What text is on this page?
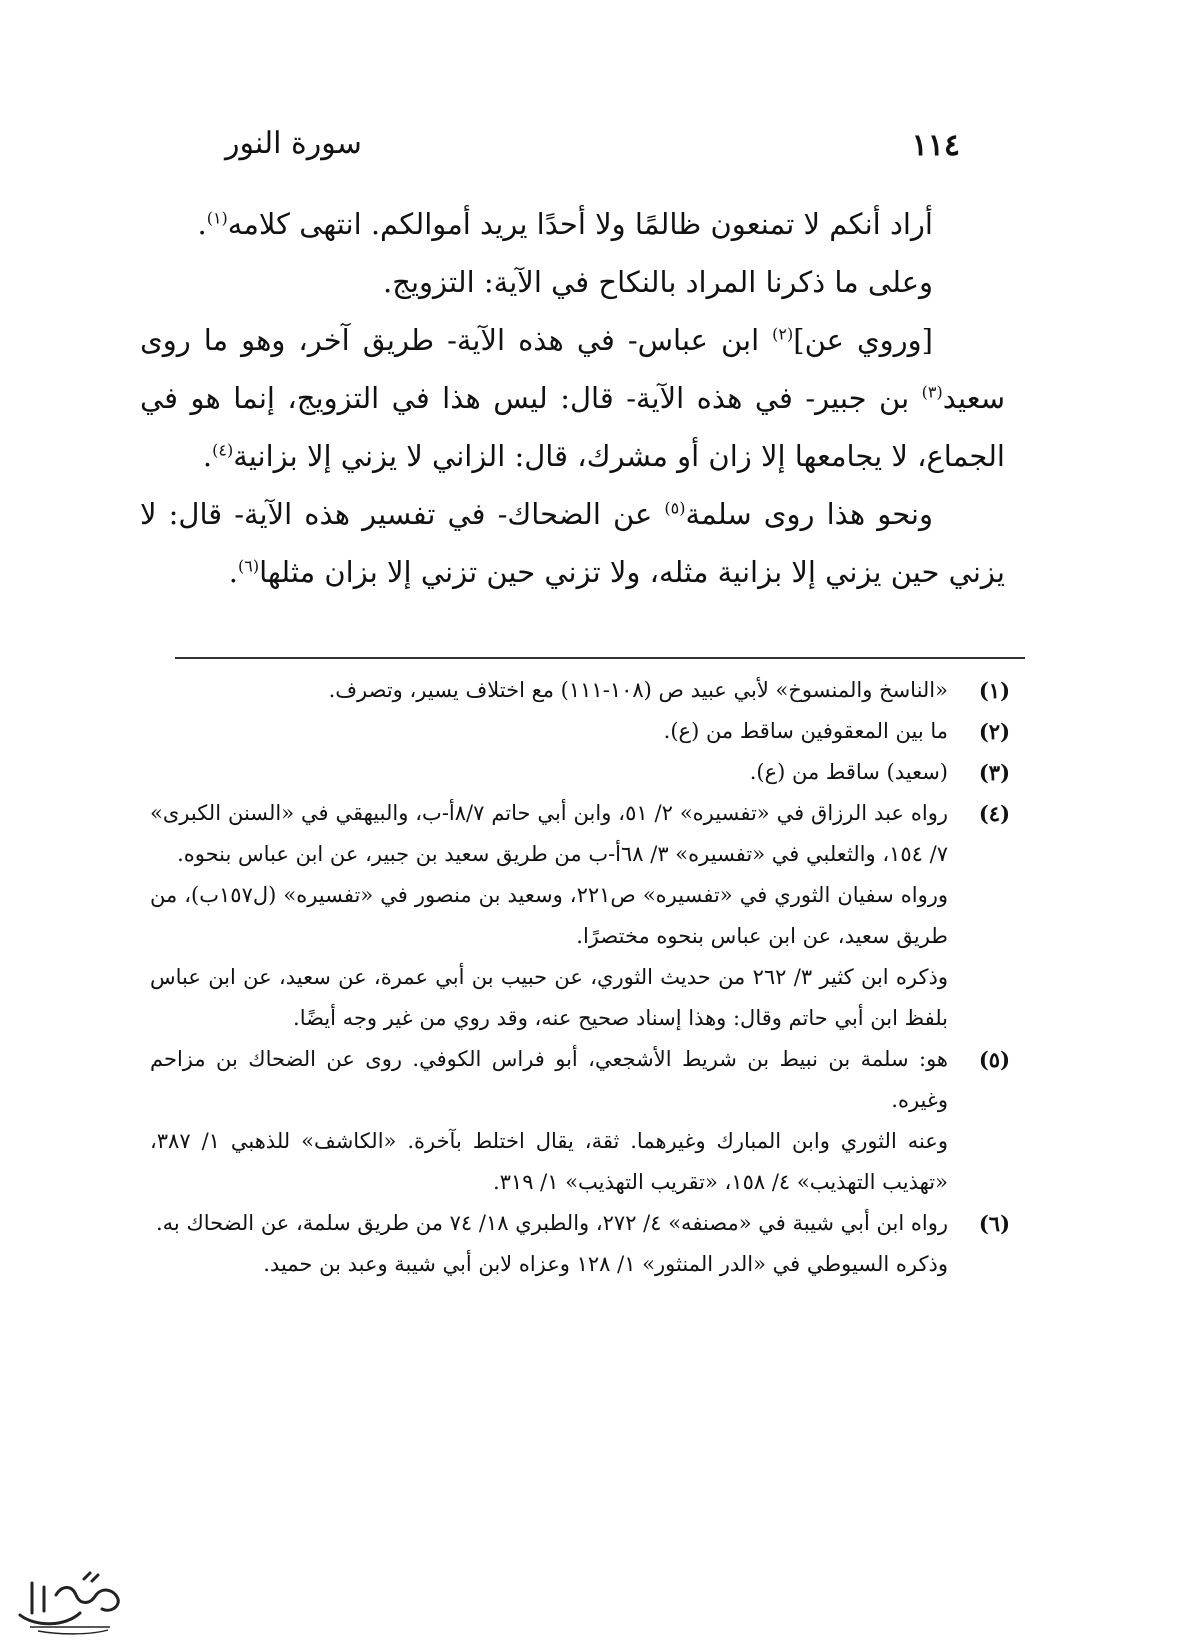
١١٤
سورة النور

أراد أنكم لا تمنعون ظالمًا ولا أحدًا يريد أموالكم. انتهى كلامه$^{(١)}$.

وعلى ما ذكرنا المراد بالنكاح في الآية: التزويج.

[وروي عن]$^{(٢)}$ ابن عباس- في هذه الآية- طريق آخر، وهو ما روى سعيد$^{(٣)}$ بن جبير- في هذه الآية- قال: ليس هذا في التزويج، إنما هو في الجماع، لا يجامعها إلا زان أو مشرك، قال: الزاني لا يزني إلا بزانية$^{(٤)}$.

ونحو هذا روى سلمة$^{(٥)}$ عن الضحاك- في تفسير هذه الآية- قال: لا يزني حين يزني إلا بزانية مثله، ولا تزني حين تزني إلا بزان مثلها$^{(٦)}$.

(١)

«الناسخ والمنسوخ» لأبي عبيد ص (١٠٨-١١١) مع اختلاف يسير، وتصرف.

(٢)

ما بين المعقوفين ساقط من (ع).

(٣)

(سعيد) ساقط من (ع).

(٤)

رواه عبد الرزاق في «تفسيره» ٢/ ٥١، وابن أبي حاتم ٨/٧أ-ب، والبيهقي في «السنن الكبرى» ٧/ ١٥٤، والثعلبي في «تفسيره» ٣/ ٦٨أ-ب من طريق سعيد بن جبير، عن ابن عباس بنحوه.

ورواه سفيان الثوري في «تفسيره» ص٢٢١، وسعيد بن منصور في «تفسيره» (ل١٥٧ب)، من طريق سعيد، عن ابن عباس بنحوه مختصرًا.

وذكره ابن كثير ٣/ ٢٦٢ من حديث الثوري، عن حبيب بن أبي عمرة، عن سعيد، عن ابن عباس بلفظ ابن أبي حاتم وقال: وهذا إسناد صحيح عنه، وقد روي من غير وجه أيضًا.

(٥)

هو: سلمة بن نبيط بن شريط الأشجعي، أبو فراس الكوفي. روى عن الضحاك بن مزاحم وغيره.

وعنه الثوري وابن المبارك وغيرهما. ثقة، يقال اختلط بآخرة. «الكاشف» للذهبي ١/ ٣٨٧، «تهذيب التهذيب» ٤/ ١٥٨، «تقريب التهذيب» ١/ ٣١٩.

(٦)

رواه ابن أبي شيبة في «مصنفه» ٤/ ٢٧٢، والطبري ١٨/ ٧٤ من طريق سلمة، عن الضحاك به.

وذكره السيوطي في «الدر المنثور» ١/ ١٢٨ وعزاه لابن أبي شيبة وعبد بن حميد.
